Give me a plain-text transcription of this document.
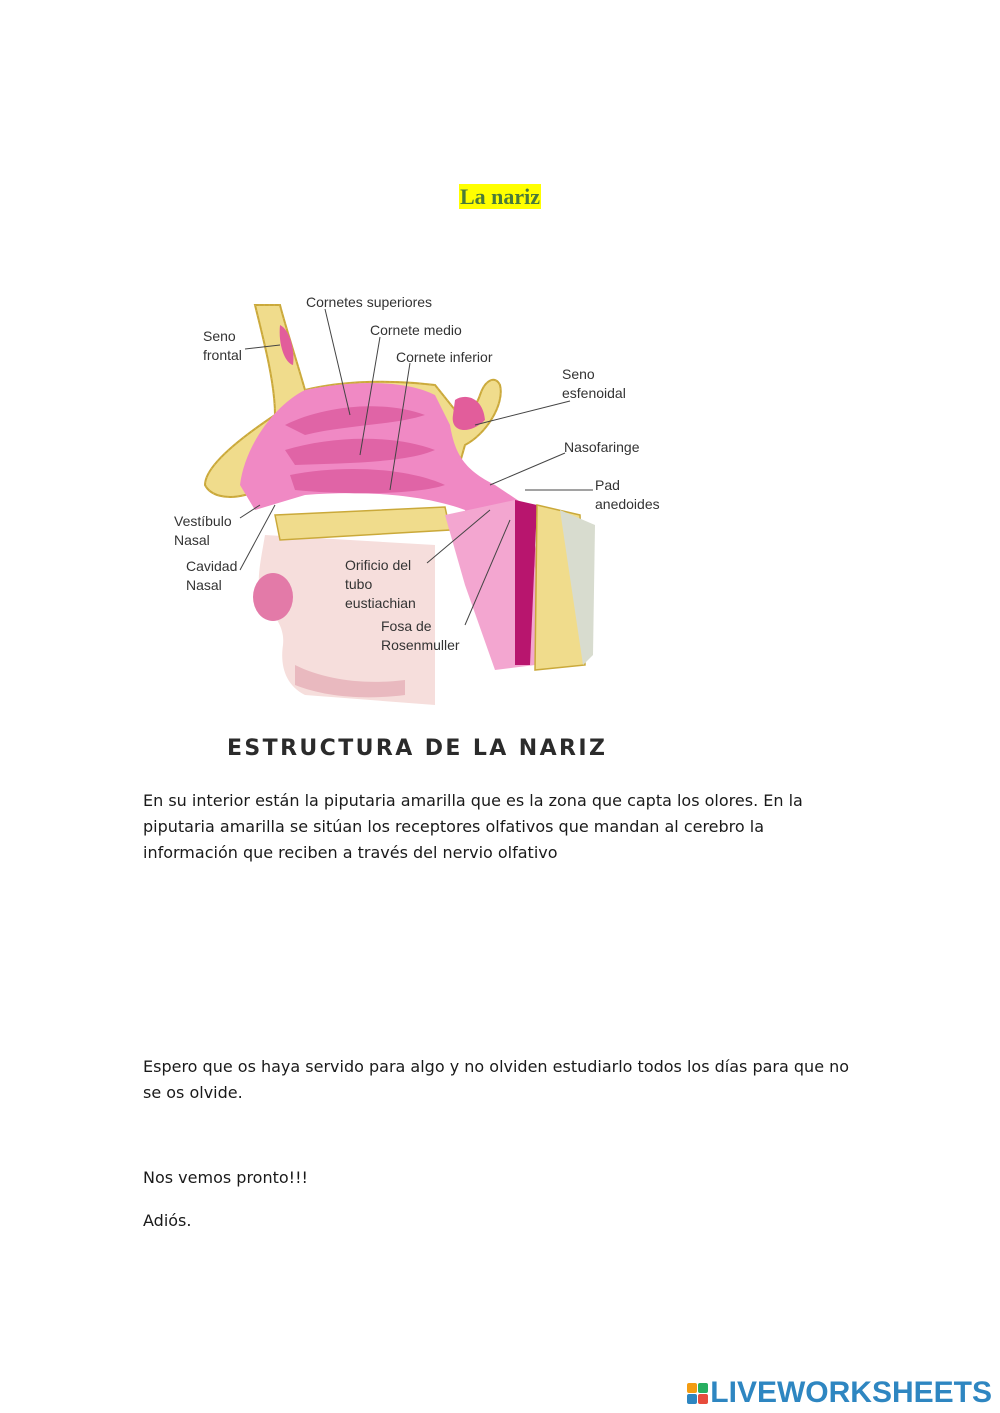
La nariz
Cornetes superiores
Cornete medio
Cornete inferior
Seno
frontal
Seno
esfenoidal
Nasofaringe
Pad
anedoides
Vestíbulo
Nasal
Cavidad
Nasal
Orificio del
tubo
eustiachian
Fosa de
Rosenmuller
ESTRUCTURA DE LA NARIZ

En su interior están la piputaria amarilla que es la zona que capta los olores. En la piputaria amarilla se sitúan los receptores olfativos que mandan al cerebro la información que reciben a través del nervio olfativo

Espero que os haya servido para algo y no olviden estudiarlo todos los días para que no se os olvide.

Nos vemos pronto!!!

Adiós.

LIVEWORKSHEETS
